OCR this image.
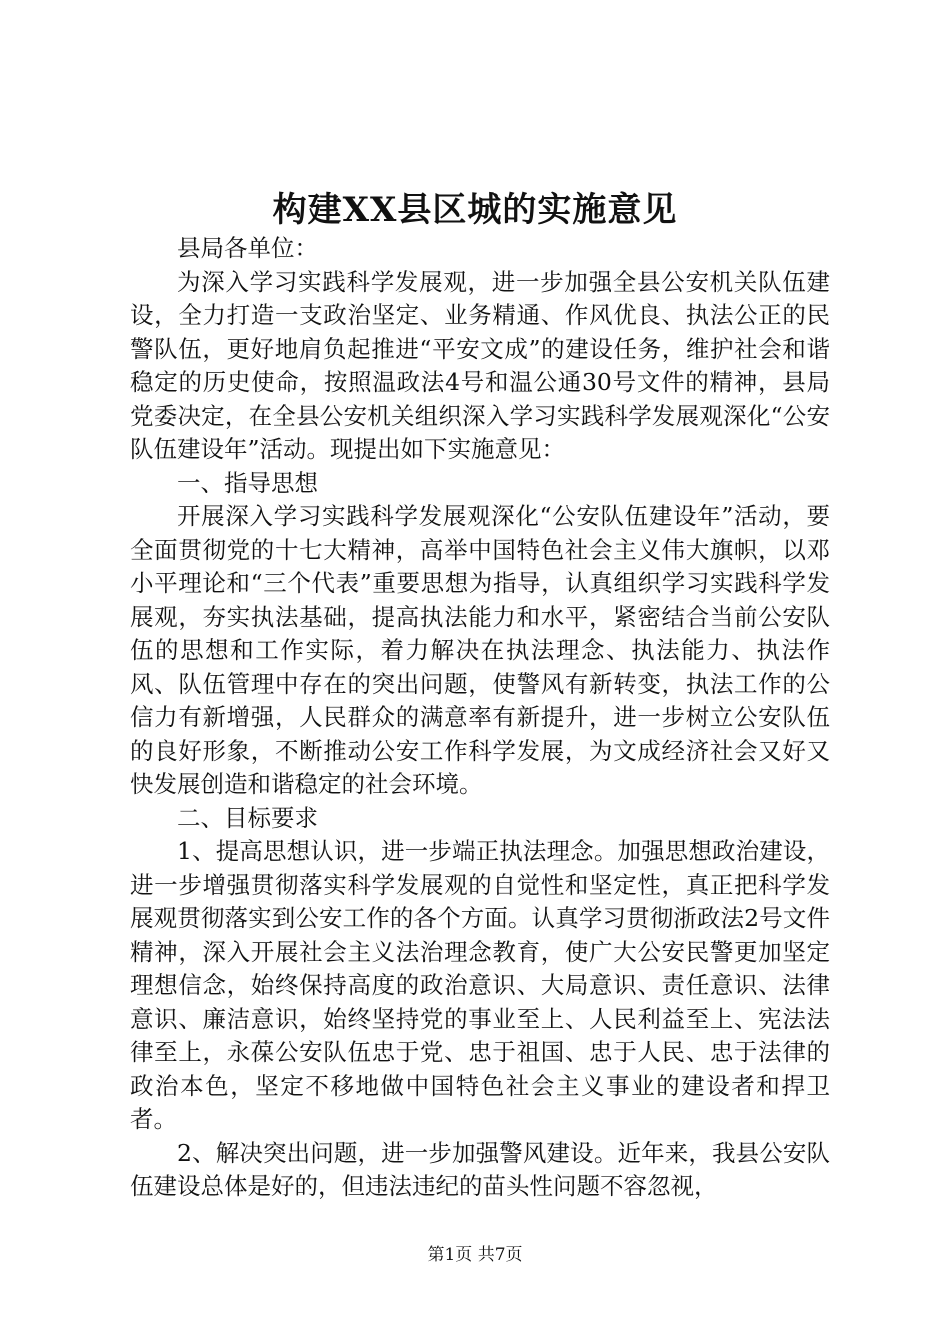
构建XX县区城的实施意见

县局各单位：

为深入学习实践科学发展观，进一步加强全县公安机关队伍建设，全力打造一支政治坚定、业务精通、作风优良、执法公正的民警队伍，更好地肩负起推进“平安文成”的建设任务，维护社会和谐稳定的历史使命，按照温政法4号和温公通30号文件的精神，县局党委决定，在全县公安机关组织深入学习实践科学发展观深化“公安队伍建设年”活动。现提出如下实施意见：

一、指导思想

开展深入学习实践科学发展观深化“公安队伍建设年”活动，要全面贯彻党的十七大精神，高举中国特色社会主义伟大旗帜，以邓小平理论和“三个代表”重要思想为指导，认真组织学习实践科学发展观，夯实执法基础，提高执法能力和水平，紧密结合当前公安队伍的思想和工作实际，着力解决在执法理念、执法能力、执法作风、队伍管理中存在的突出问题，使警风有新转变，执法工作的公信力有新增强，人民群众的满意率有新提升，进一步树立公安队伍的良好形象，不断推动公安工作科学发展，为文成经济社会又好又快发展创造和谐稳定的社会环境。

二、目标要求

1、提高思想认识，进一步端正执法理念。加强思想政治建设，进一步增强贯彻落实科学发展观的自觉性和坚定性，真正把科学发展观贯彻落实到公安工作的各个方面。认真学习贯彻浙政法2号文件精神，深入开展社会主义法治理念教育，使广大公安民警更加坚定理想信念，始终保持高度的政治意识、大局意识、责任意识、法律意识、廉洁意识，始终坚持党的事业至上、人民利益至上、宪法法律至上，永葆公安队伍忠于党、忠于祖国、忠于人民、忠于法律的政治本色，坚定不移地做中国特色社会主义事业的建设者和捍卫者。

2、解决突出问题，进一步加强警风建设。近年来，我县公安队伍建设总体是好的，但违法违纪的苗头性问题不容忽视，

第1页 共7页
